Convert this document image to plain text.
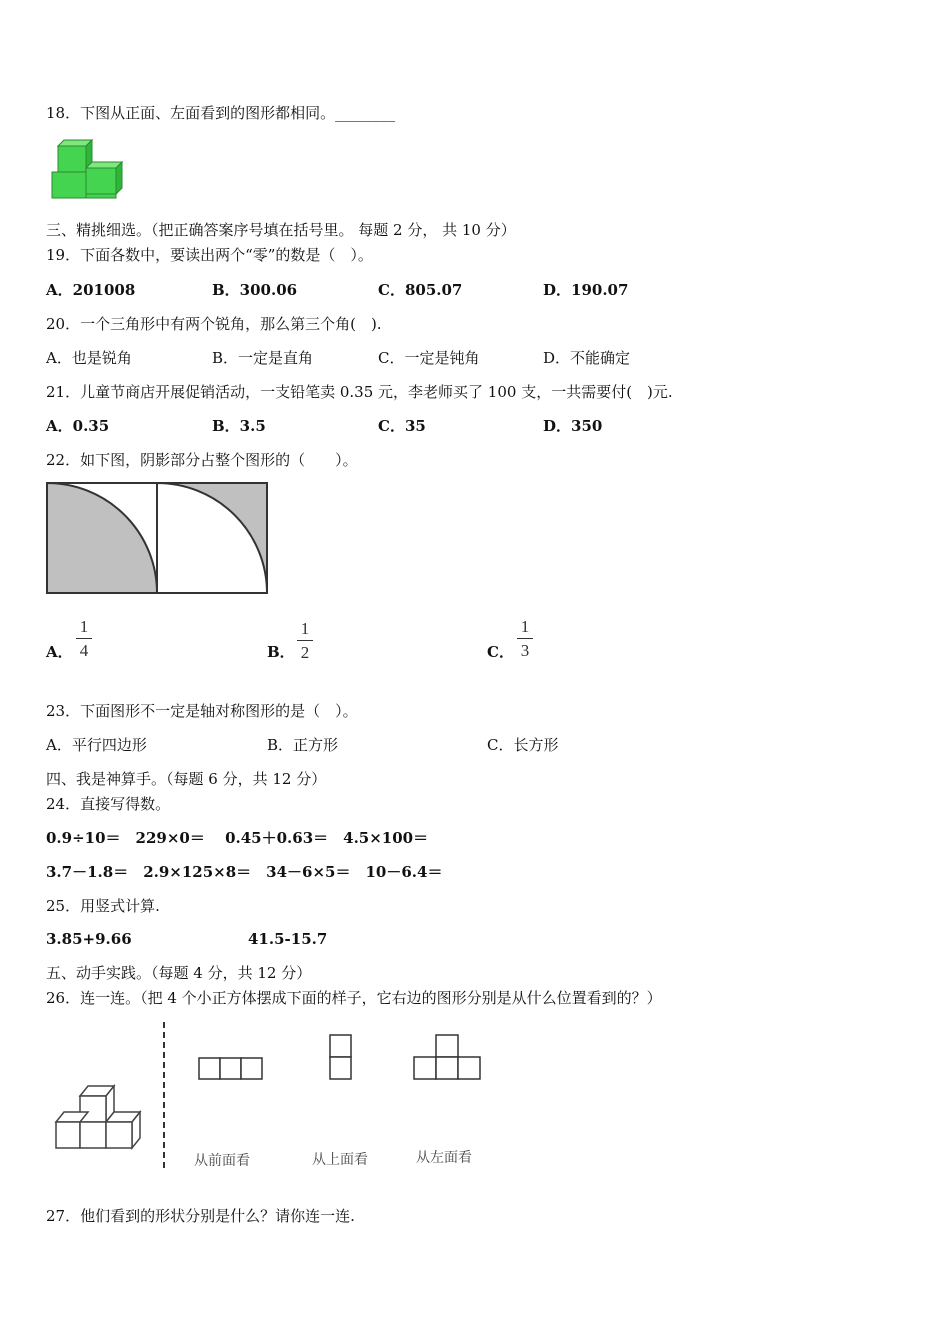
18．下图从正面、左面看到的图形都相同。________
三、精挑细选。（把正确答案序号填在括号里。 每题 2 分， 共 10 分）
19．下面各数中，要读出两个“零”的数是（　）。
A．201008	B．300.06	C．805.07	D．190.07
20．一个三角形中有两个锐角，那么第三个角(　).
A．也是锐角	B．一定是直角	C．一定是钝角	D．不能确定
21．儿童节商店开展促销活动，一支铅笔卖 0.35 元，李老师买了 100 支，一共需要付(　)元.
A．0.35	B．3.5	C．35	D．350
22．如下图，阴影部分占整个图形的（　　）。
A．
1
4	B．
1
2	C．
1
3
23．下面图形不一定是轴对称图形的是（　）。
A．平行四边形	B．正方形	C．长方形
四、我是神算手。（每题 6 分，共 12 分）
24．直接写得数。
0.9÷10＝　229×0＝　 0.45＋0.63＝　4.5×100＝
3.7－1.8＝　2.9×125×8＝　34－6×5＝　10－6.4＝
25．用竖式计算.
3.85+9.66	41.5-15.7
五、动手实践。（每题 4 分，共 12 分）
26．连一连。（把 4 个小正方体摆成下面的样子，它右边的图形分别是从什么位置看到的？）
从前面看	从上面看	从左面看
27．他们看到的形状分别是什么？请你连一连.
